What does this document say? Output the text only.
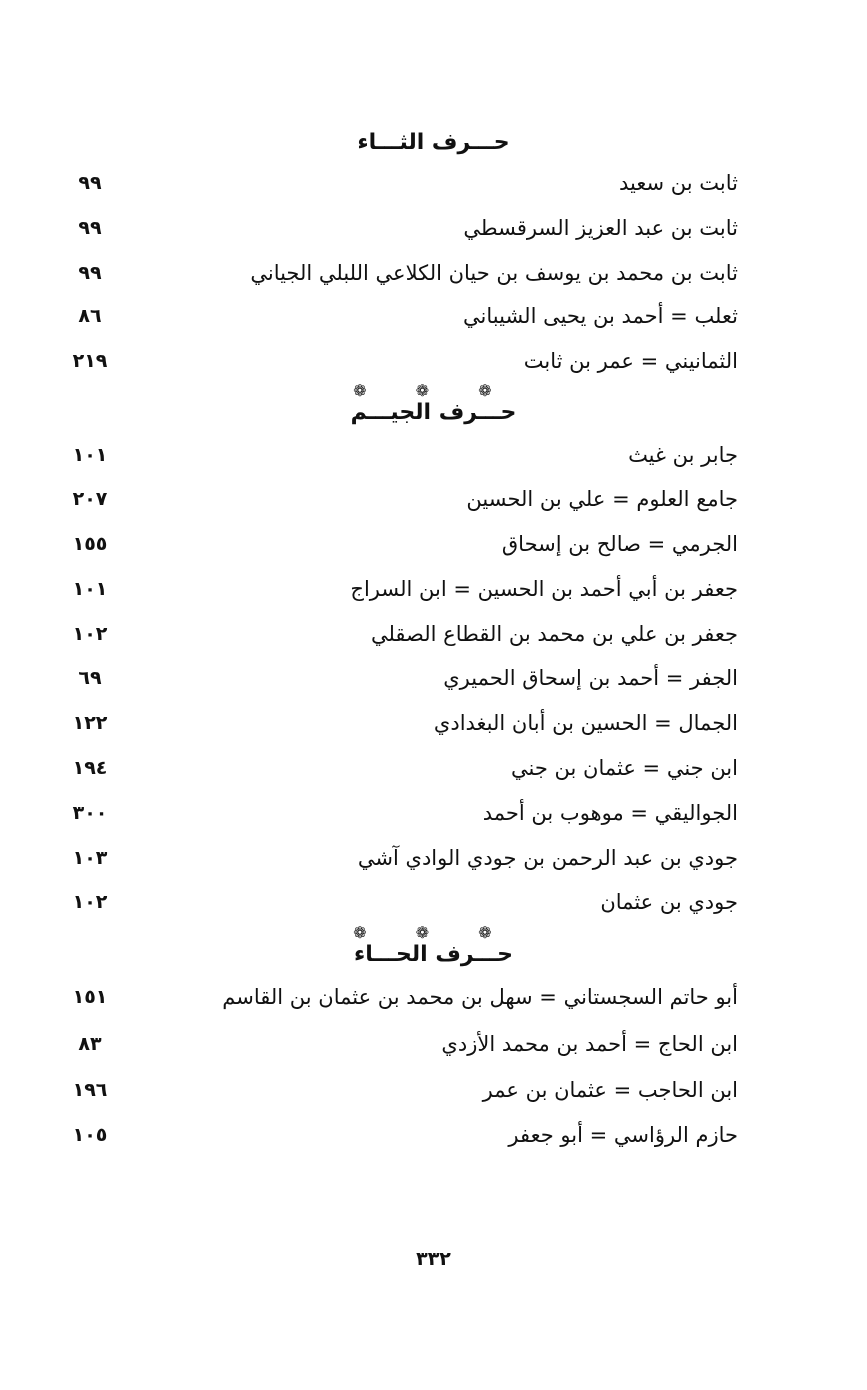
حـــرف الثـــاء
ثابت بن سعيد
٩٩
ثابت بن عبد العزيز السرقسطي
٩٩
ثابت بن محمد بن يوسف بن حيان الكلاعي اللبلي الجياني
٩٩
ثعلب = أحمد بن يحيى الشيباني
٨٦
الثمانيني = عمر بن ثابت
٢١٩
❁ ❁ ❁
حـــرف الجيـــم
جابر بن غيث
١٠١
جامع العلوم = علي بن الحسين
٢٠٧
الجرمي = صالح بن إسحاق
١٥٥
جعفر بن أبي أحمد بن الحسين = ابن السراج
١٠١
جعفر بن علي بن محمد بن القطاع الصقلي
١٠٢
الجفر = أحمد بن إسحاق الحميري
٦٩
الجمال = الحسين بن أبان البغدادي
١٢٢
ابن جني = عثمان بن جني
١٩٤
الجواليقي = موهوب بن أحمد
٣٠٠
جودي بن عبد الرحمن بن جودي الوادي آشي
١٠٣
جودي بن عثمان
١٠٢
❁ ❁ ❁
حـــرف الحـــاء
أبو حاتم السجستاني = سهل بن محمد بن عثمان بن القاسم
١٥١
ابن الحاج = أحمد بن محمد الأزدي
٨٣
ابن الحاجب = عثمان بن عمر
١٩٦
حازم الرؤاسي = أبو جعفر
١٠٥
٣٣٢
